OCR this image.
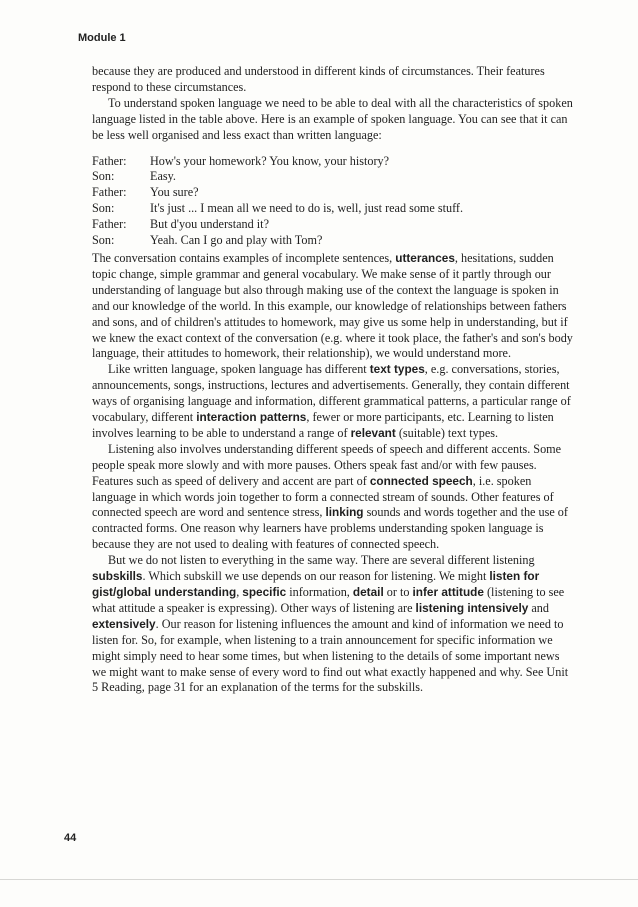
Module 1

because they are produced and understood in different kinds of circumstances. Their features respond to these circumstances.

To understand spoken language we need to be able to deal with all the characteristics of spoken language listed in the table above. Here is an example of spoken language. You can see that it can be less well organised and less exact than written language:

Father:	How's your homework? You know, your history?
Son:	Easy.
Father:	You sure?
Son:	It's just ... I mean all we need to do is, well, just read some stuff.
Father:	But d'you understand it?
Son:	Yeah. Can I go and play with Tom?

The conversation contains examples of incomplete sentences, utterances, hesitations, sudden topic change, simple grammar and general vocabulary. We make sense of it partly through our understanding of language but also through making use of the context the language is spoken in and our knowledge of the world. In this example, our knowledge of relationships between fathers and sons, and of children's attitudes to homework, may give us some help in understanding, but if we knew the exact context of the conversation (e.g. where it took place, the father's and son's body language, their attitudes to homework, their relationship), we would understand more.

Like written language, spoken language has different text types, e.g. conversations, stories, announcements, songs, instructions, lectures and advertisements. Generally, they contain different ways of organising language and information, different grammatical patterns, a particular range of vocabulary, different interaction patterns, fewer or more participants, etc. Learning to listen involves learning to be able to understand a range of relevant (suitable) text types.

Listening also involves understanding different speeds of speech and different accents. Some people speak more slowly and with more pauses. Others speak fast and/or with few pauses. Features such as speed of delivery and accent are part of connected speech, i.e. spoken language in which words join together to form a connected stream of sounds. Other features of connected speech are word and sentence stress, linking sounds and words together and the use of contracted forms. One reason why learners have problems understanding spoken language is because they are not used to dealing with features of connected speech.

But we do not listen to everything in the same way. There are several different listening subskills. Which subskill we use depends on our reason for listening. We might listen for gist/global understanding, specific information, detail or to infer attitude (listening to see what attitude a speaker is expressing). Other ways of listening are listening intensively and extensively. Our reason for listening influences the amount and kind of information we need to listen for. So, for example, when listening to a train announcement for specific information we might simply need to hear some times, but when listening to the details of some important news we might want to make sense of every word to find out what exactly happened and why. See Unit 5 Reading, page 31 for an explanation of the terms for the subskills.

44
